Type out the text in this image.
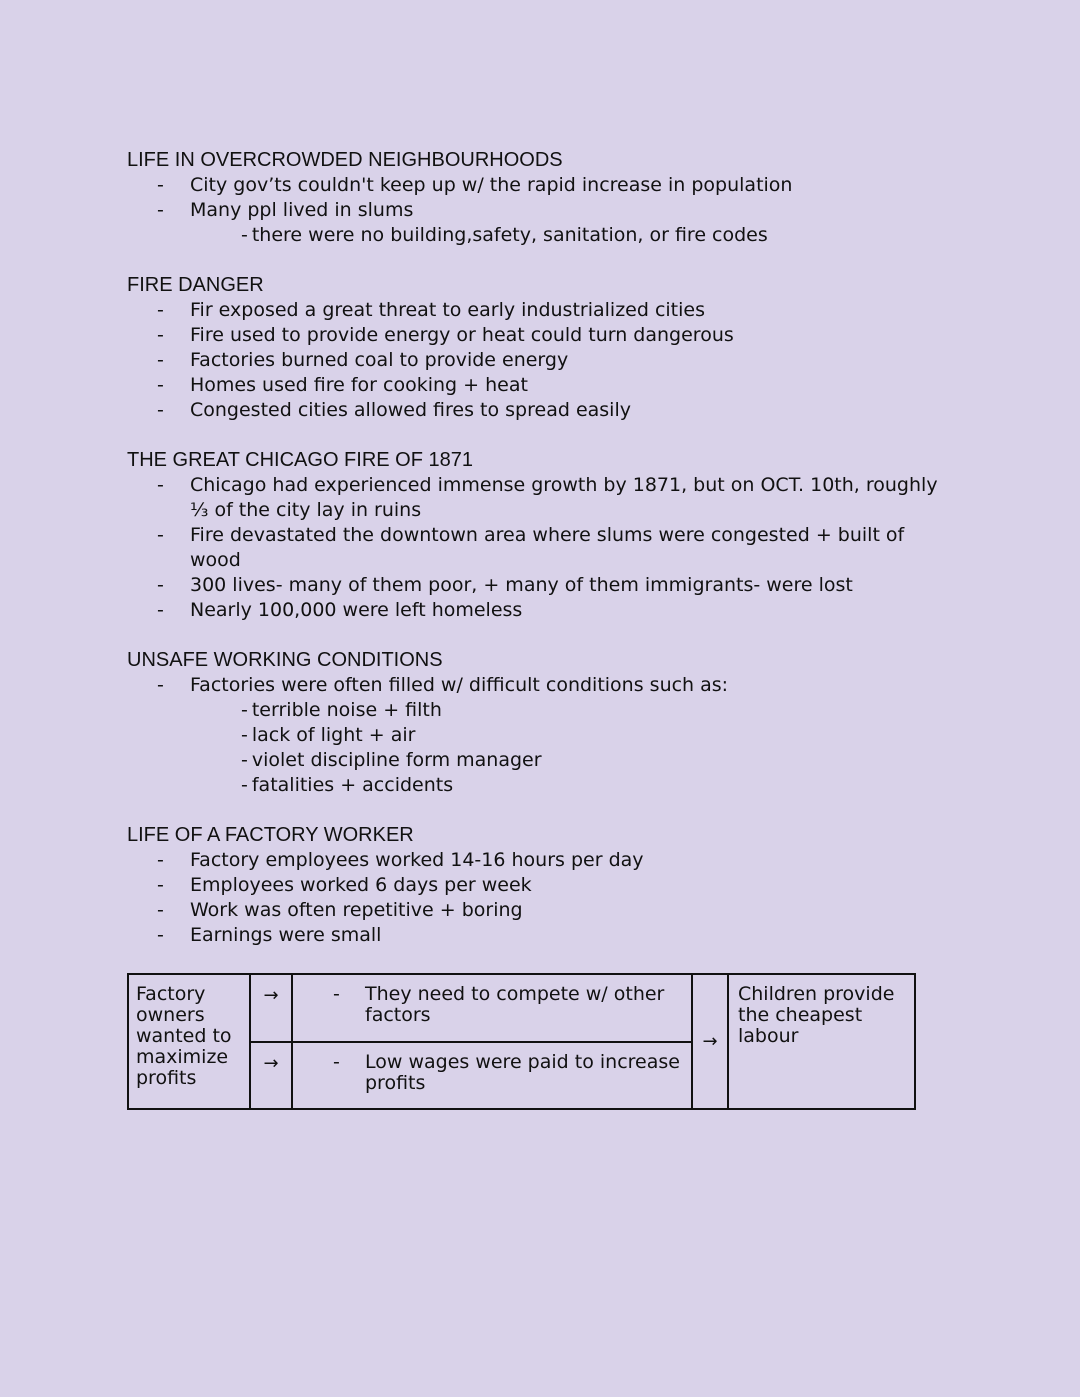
LIFE IN OVERCROWDED NEIGHBOURHOODS
- City gov’ts couldn't keep up w/ the rapid increase in population
- Many ppl lived in slums
- there were no building,safety, sanitation, or fire codes
FIRE DANGER
- Fir exposed a great threat to early industrialized cities
- Fire used to provide energy or heat could turn dangerous
- Factories burned coal to provide energy
- Homes used fire for cooking + heat
- Congested cities allowed fires to spread easily
THE GREAT CHICAGO FIRE OF 1871
- Chicago had experienced immense growth by 1871, but on OCT. 10th, roughly ⅓ of the city lay in ruins
- Fire devastated the downtown area where slums were congested + built of wood
- 300 lives- many of them poor, + many of them immigrants- were lost
- Nearly 100,000 were left homeless
UNSAFE WORKING CONDITIONS
- Factories were often filled w/ difficult conditions such as:
- terrible noise + filth
- lack of light + air
- violet discipline form manager
- fatalities + accidents
LIFE OF A FACTORY WORKER
- Factory employees worked 14-16 hours per day
- Employees worked 6 days per week
- Work was often repetitive + boring
- Earnings were small
Factory owners wanted to maximize profits	→	- They need to compete w/ other factors	→	Children provide the cheapest labour
	→	- Low wages were paid to increase profits		
